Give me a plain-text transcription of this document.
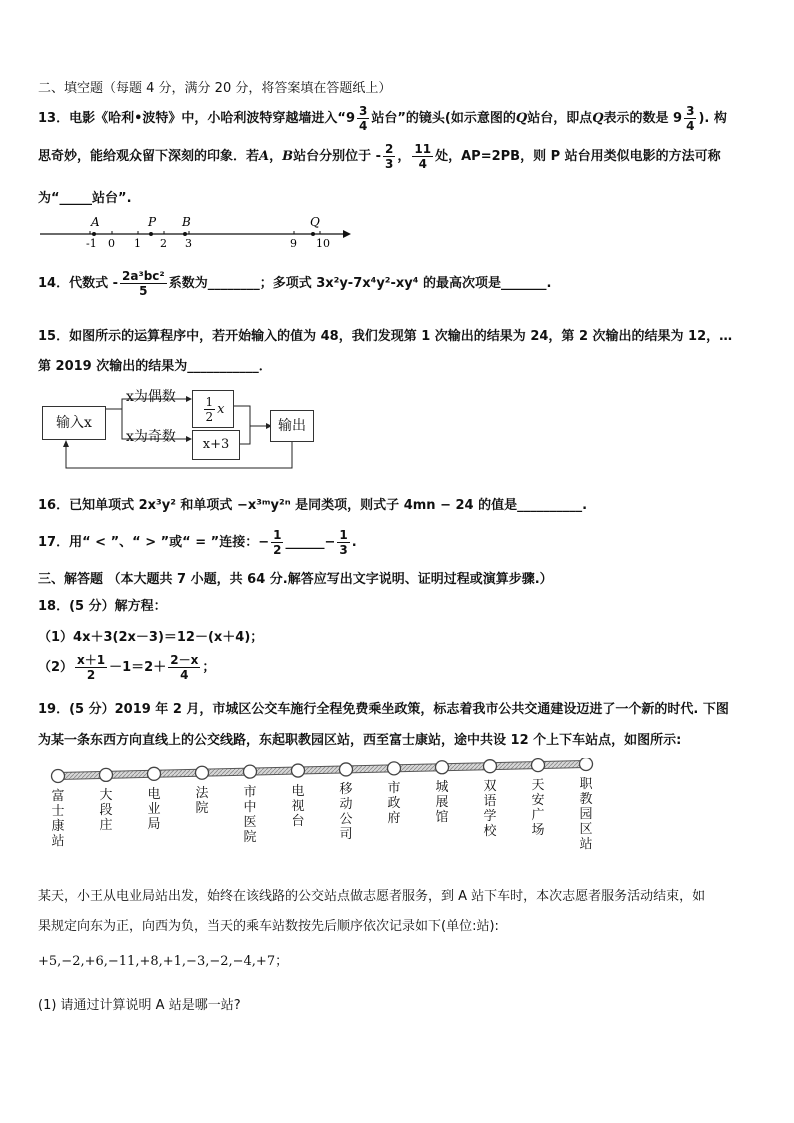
二、填空题（每题 4 分，满分 20 分，将答案填在答题纸上）
13．电影《哈利•波特》中，小哈利波特穿越墙进入“$9 \frac{3}{4}$ 站台”的镜头(如示意图的Q站台，即点Q表示的数是 $9 \frac{3}{4}$ ). 构
思奇妙，能给观众留下深刻的印象．若A，B站台分别位于 - $\frac{2}{3}$ ， $\frac{11}{4}$ 处，AP=2PB，则 P 站台用类似电影的方法可称
为“_____站台”.
-1 0 1 2 3	9 10
A	P B	Q
14．代数式 - $\frac{\text{2a³bc²}}{5}$ 系数为________；多项式 3x²y-7x⁴y²-xy⁴ 的最高次项是_______.
15．如图所示的运算程序中，若开始输入的值为 48，我们发现第 1 次输出的结果为 24，第 2 次输出的结果为 12，…
第 2019 次输出的结果为___________．
输入x
x为偶数
x为奇数
$\frac{1}{2}$ x
x+3
输出
16．已知单项式 2x³y² 和单项式 −x³ᵐy²ⁿ 是同类项，则式子 4mn − 24 的值是__________.
17．用“ < ”、“ > ”或“ = ”连接：− $\frac{1}{2}$ ______− $\frac{1}{3}$ .
三、解答题 （本大题共 7 小题，共 64 分.解答应写出文字说明、证明过程或演算步骤.）
18．(5 分）解方程：
（1）4x＋3(2x－3)＝12－(x＋4)；
$(2) \frac{x+1}{2} -1=2+ \frac{2-x}{4}$ ；
19．(5 分）2019 年 2 月，市城区公交车施行全程免费乘坐政策，标志着我市公共交通建设迈进了一个新的时代. 下图
为某一条东西方向直线上的公交线路，东起职教园区站，西至富士康站，途中共设 12 个上下车站点，如图所示:
富士康站
大段庄
电业局
法院
市中医院
电视台
移动公司
市政府
城展馆
双语学校
天安广场
职教园区站
某天，小王从电业局站出发，始终在该线路的公交站点做志愿者服务，到 A 站下车时，本次志愿者服务活动结束，如
果规定向东为正，向西为负，当天的乘车站数按先后顺序依次记录如下(单位:站):
+5,−2,+6,−11,+8,+1,−3,−2,−4,+7；
(1) 请通过计算说明 A 站是哪一站?
